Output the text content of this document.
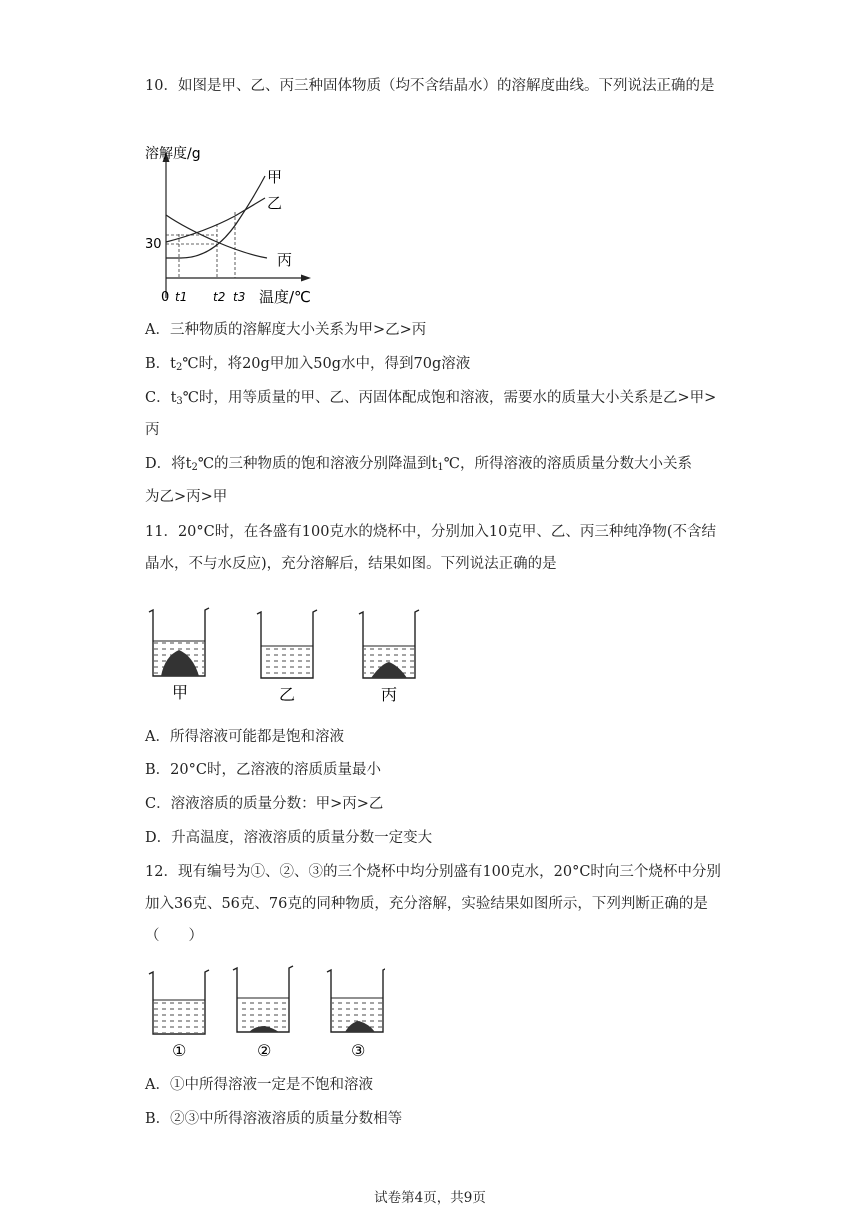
10．如图是甲、乙、丙三种固体物质（均不含结晶水）的溶解度曲线。下列说法正确的是
溶解度/g
30
0 t1 t2 t3 温度/℃
甲
乙
丙
A．三种物质的溶解度大小关系为甲>乙>丙
B．$t_2℃$时，将20g甲加入50g水中，得到70g溶液
C．$t_3℃$时，用等质量的甲、乙、丙固体配成饱和溶液，需要水的质量大小关系是乙>甲>
丙
D．将$t_2℃$的三种物质的饱和溶液分别降温到$t_1℃$，所得溶液的溶质质量分数大小关系
为乙>丙>甲
11．20°C时，在各盛有100克水的烧杯中，分别加入10克甲、乙、丙三种纯净物(不含结晶水，不与水反应)，充分溶解后，结果如图。下列说法正确的是
甲	乙	丙
A．所得溶液可能都是饱和溶液
B．20°C时，乙溶液的溶质质量最小
C．溶液溶质的质量分数：甲>丙>乙
D．升高温度，溶液溶质的质量分数一定变大
12．现有编号为①、②、③的三个烧杯中均分别盛有100克水，20°C时向三个烧杯中分别加入36克、56克、76克的同种物质，充分溶解，实验结果如图所示，下列判断正确的是（　　）
①	②	③
A．①中所得溶液一定是不饱和溶液
B．②③中所得溶液溶质的质量分数相等
试卷第4页，共9页
